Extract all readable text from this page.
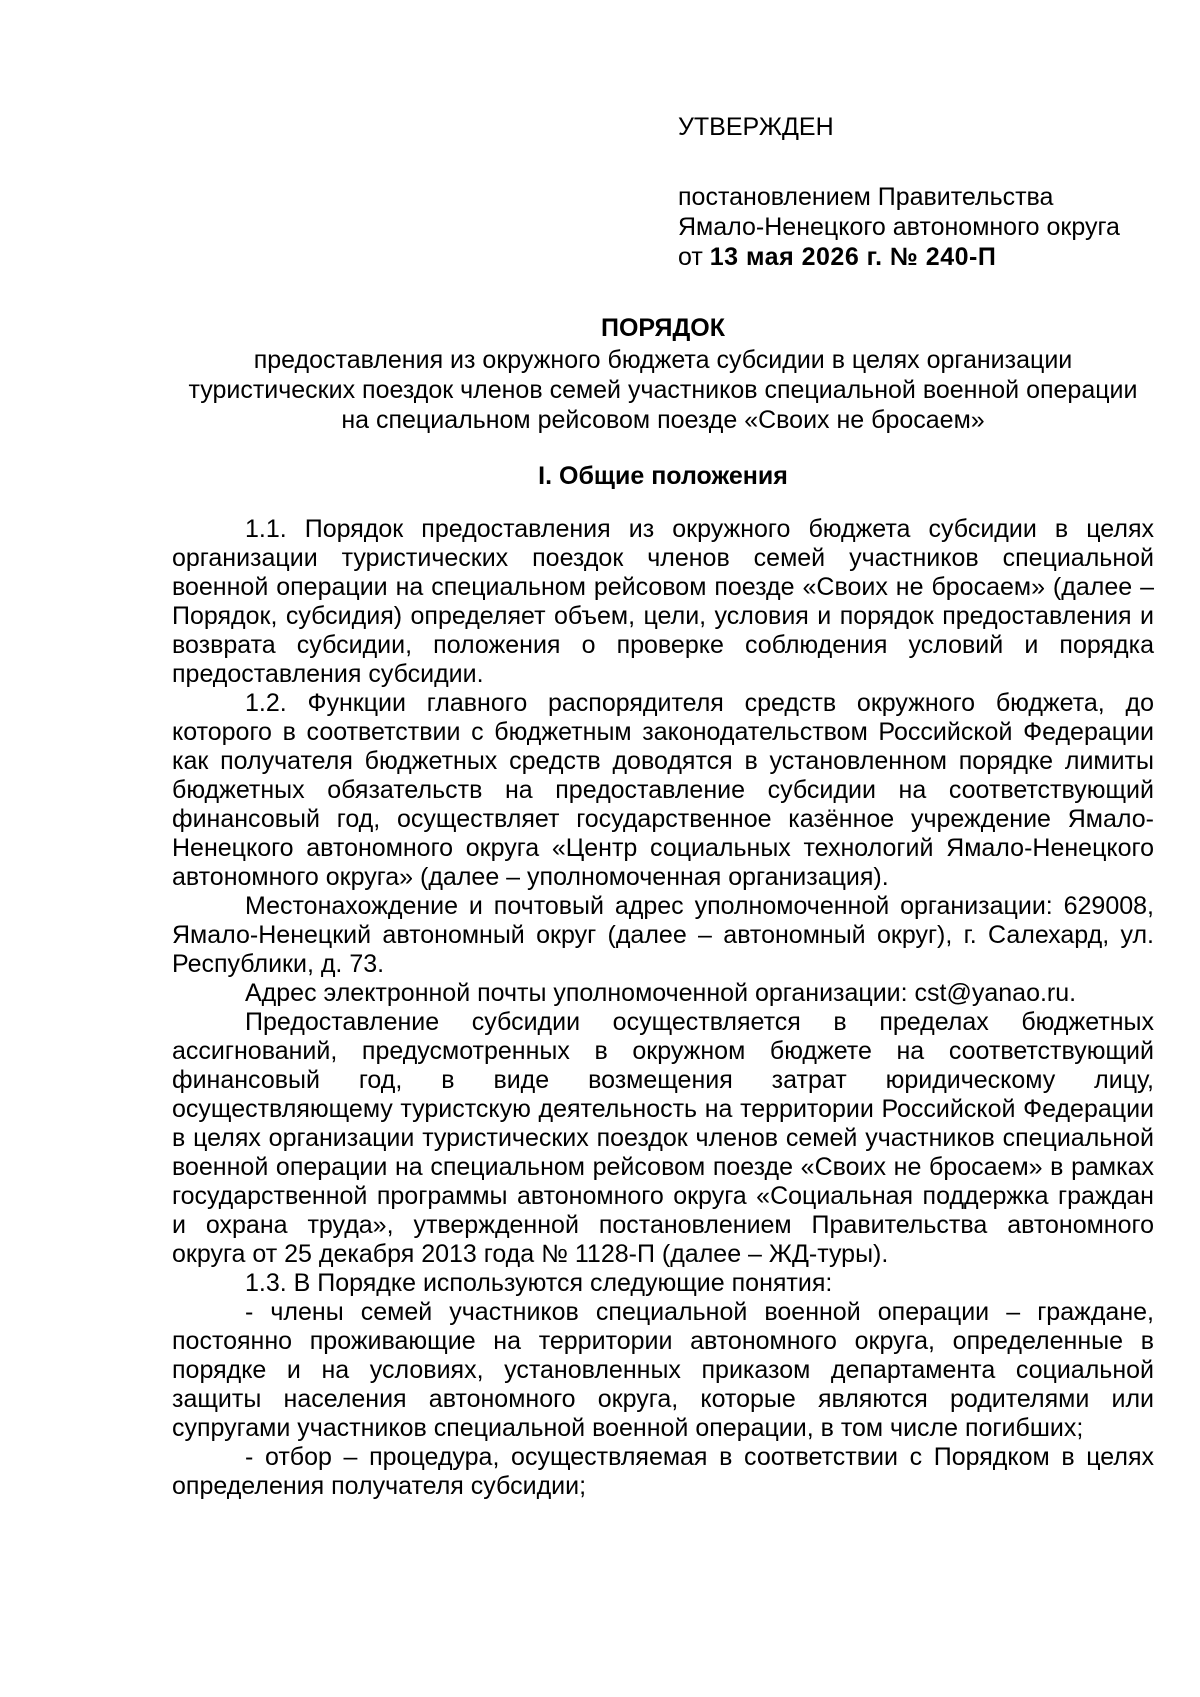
УТВЕРЖДЕН
постановлением Правительства
Ямало-Ненецкого автономного округа
от 13 мая 2026 г. № 240-П
ПОРЯДОК
предоставления из окружного бюджета субсидии в целях организации туристических поездок членов семей участников специальной военной операции на специальном рейсовом поезде «Своих не бросаем»
I. Общие положения

1.1. Порядок предоставления из окружного бюджета субсидии в целях организации туристических поездок членов семей участников специальной военной операции на специальном рейсовом поезде «Своих не бросаем» (далее – Порядок, субсидия) определяет объем, цели, условия и порядок предоставления и возврата субсидии, положения о проверке соблюдения условий и порядка предоставления субсидии.

1.2. Функции главного распорядителя средств окружного бюджета, до которого в соответствии с бюджетным законодательством Российской Федерации как получателя бюджетных средств доводятся в установленном порядке лимиты бюджетных обязательств на предоставление субсидии на соответствующий финансовый год, осуществляет государственное казённое учреждение Ямало-Ненецкого автономного округа «Центр социальных технологий Ямало-Ненецкого автономного округа» (далее – уполномоченная организация).

Местонахождение и почтовый адрес уполномоченной организации: 629008, Ямало-Ненецкий автономный округ (далее – автономный округ), г. Салехард, ул. Республики, д. 73.

Адрес электронной почты уполномоченной организации: cst@yanao.ru.

Предоставление субсидии осуществляется в пределах бюджетных ассигнований, предусмотренных в окружном бюджете на соответствующий финансовый год, в виде возмещения затрат юридическому лицу, осуществляющему туристскую деятельность на территории Российской Федерации в целях организации туристических поездок членов семей участников специальной военной операции на специальном рейсовом поезде «Своих не бросаем» в рамках государственной программы автономного округа «Социальная поддержка граждан и охрана труда», утвержденной постановлением Правительства автономного округа от 25 декабря 2013 года № 1128-П (далее – ЖД-туры).

1.3. В Порядке используются следующие понятия:

- члены семей участников специальной военной операции – граждане, постоянно проживающие на территории автономного округа, определенные в порядке и на условиях, установленных приказом департамента социальной защиты населения автономного округа, которые являются родителями или супругами участников специальной военной операции, в том числе погибших;

- отбор – процедура, осуществляемая в соответствии с Порядком в целях определения получателя субсидии;
